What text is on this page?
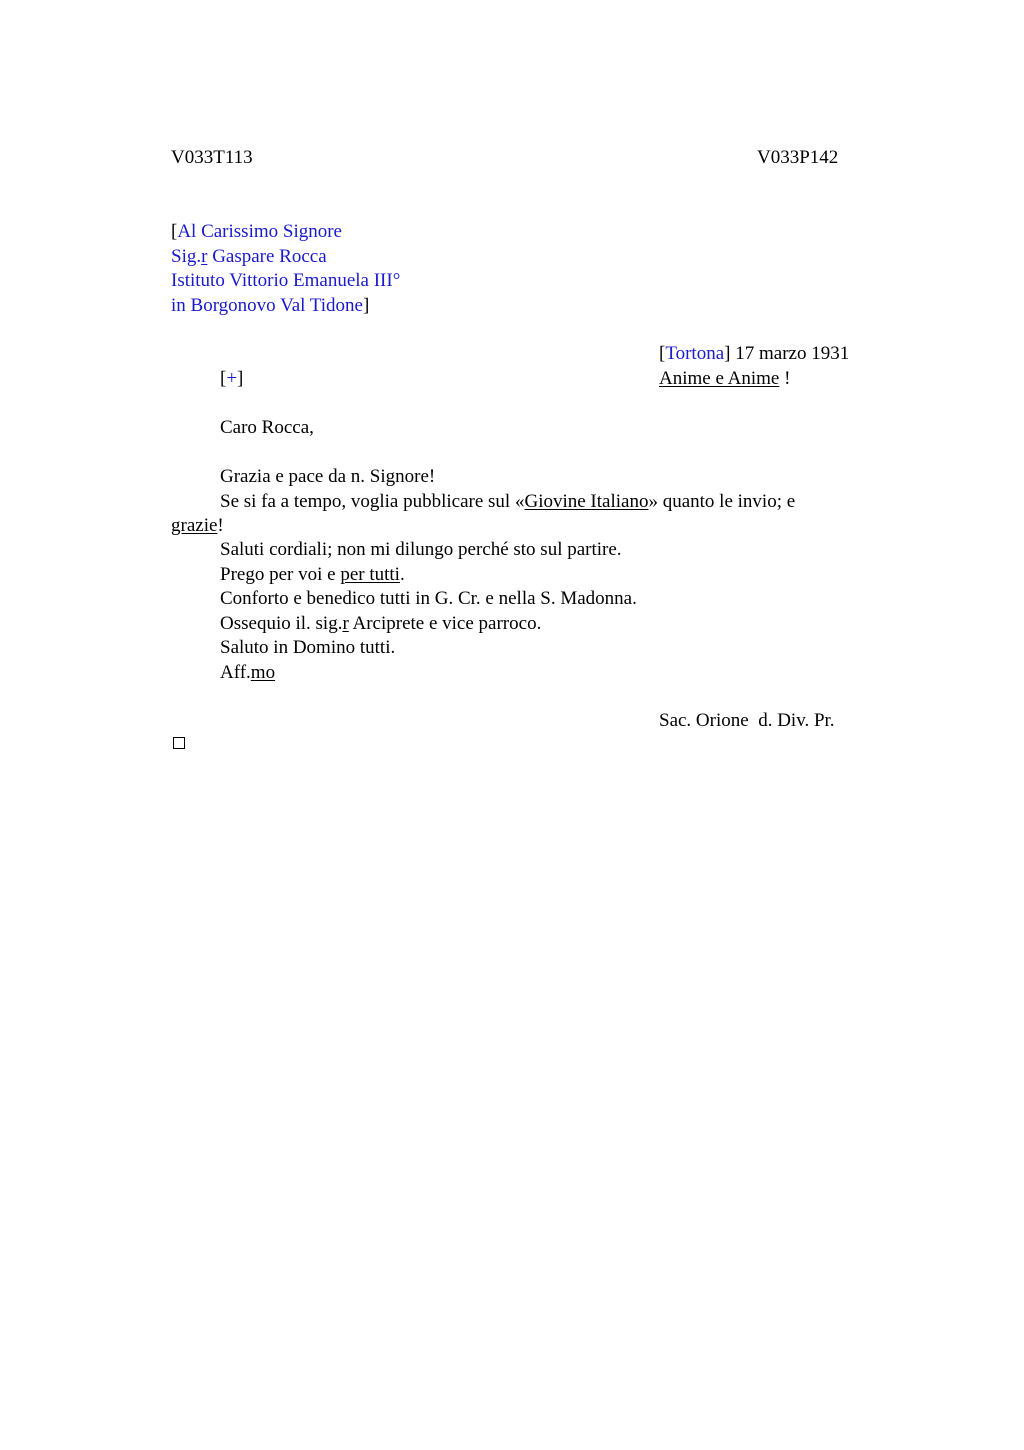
V033T113	V033P142
[Al Carissimo Signore
Sig.r Gaspare Rocca
Istituto Vittorio Emanuela III°
in Borgonovo Val Tidone]
[Tortona] 17 marzo 1931
Anime e Anime !
[+]
Caro Rocca,
Grazia e pace da n. Signore!
Se si fa a tempo, voglia pubblicare sul «Giovine Italiano» quanto le invio; e
grazie!
Saluti cordiali; non mi dilungo perché sto sul partire.
Prego per voi e per tutti.
Conforto e benedico tutti in G. Cr. e nella S. Madonna.
Ossequio il. sig.r Arciprete e vice parroco.
Saluto in Domino tutti.
Aff.mo
Sac. Orione  d. Div. Pr.
